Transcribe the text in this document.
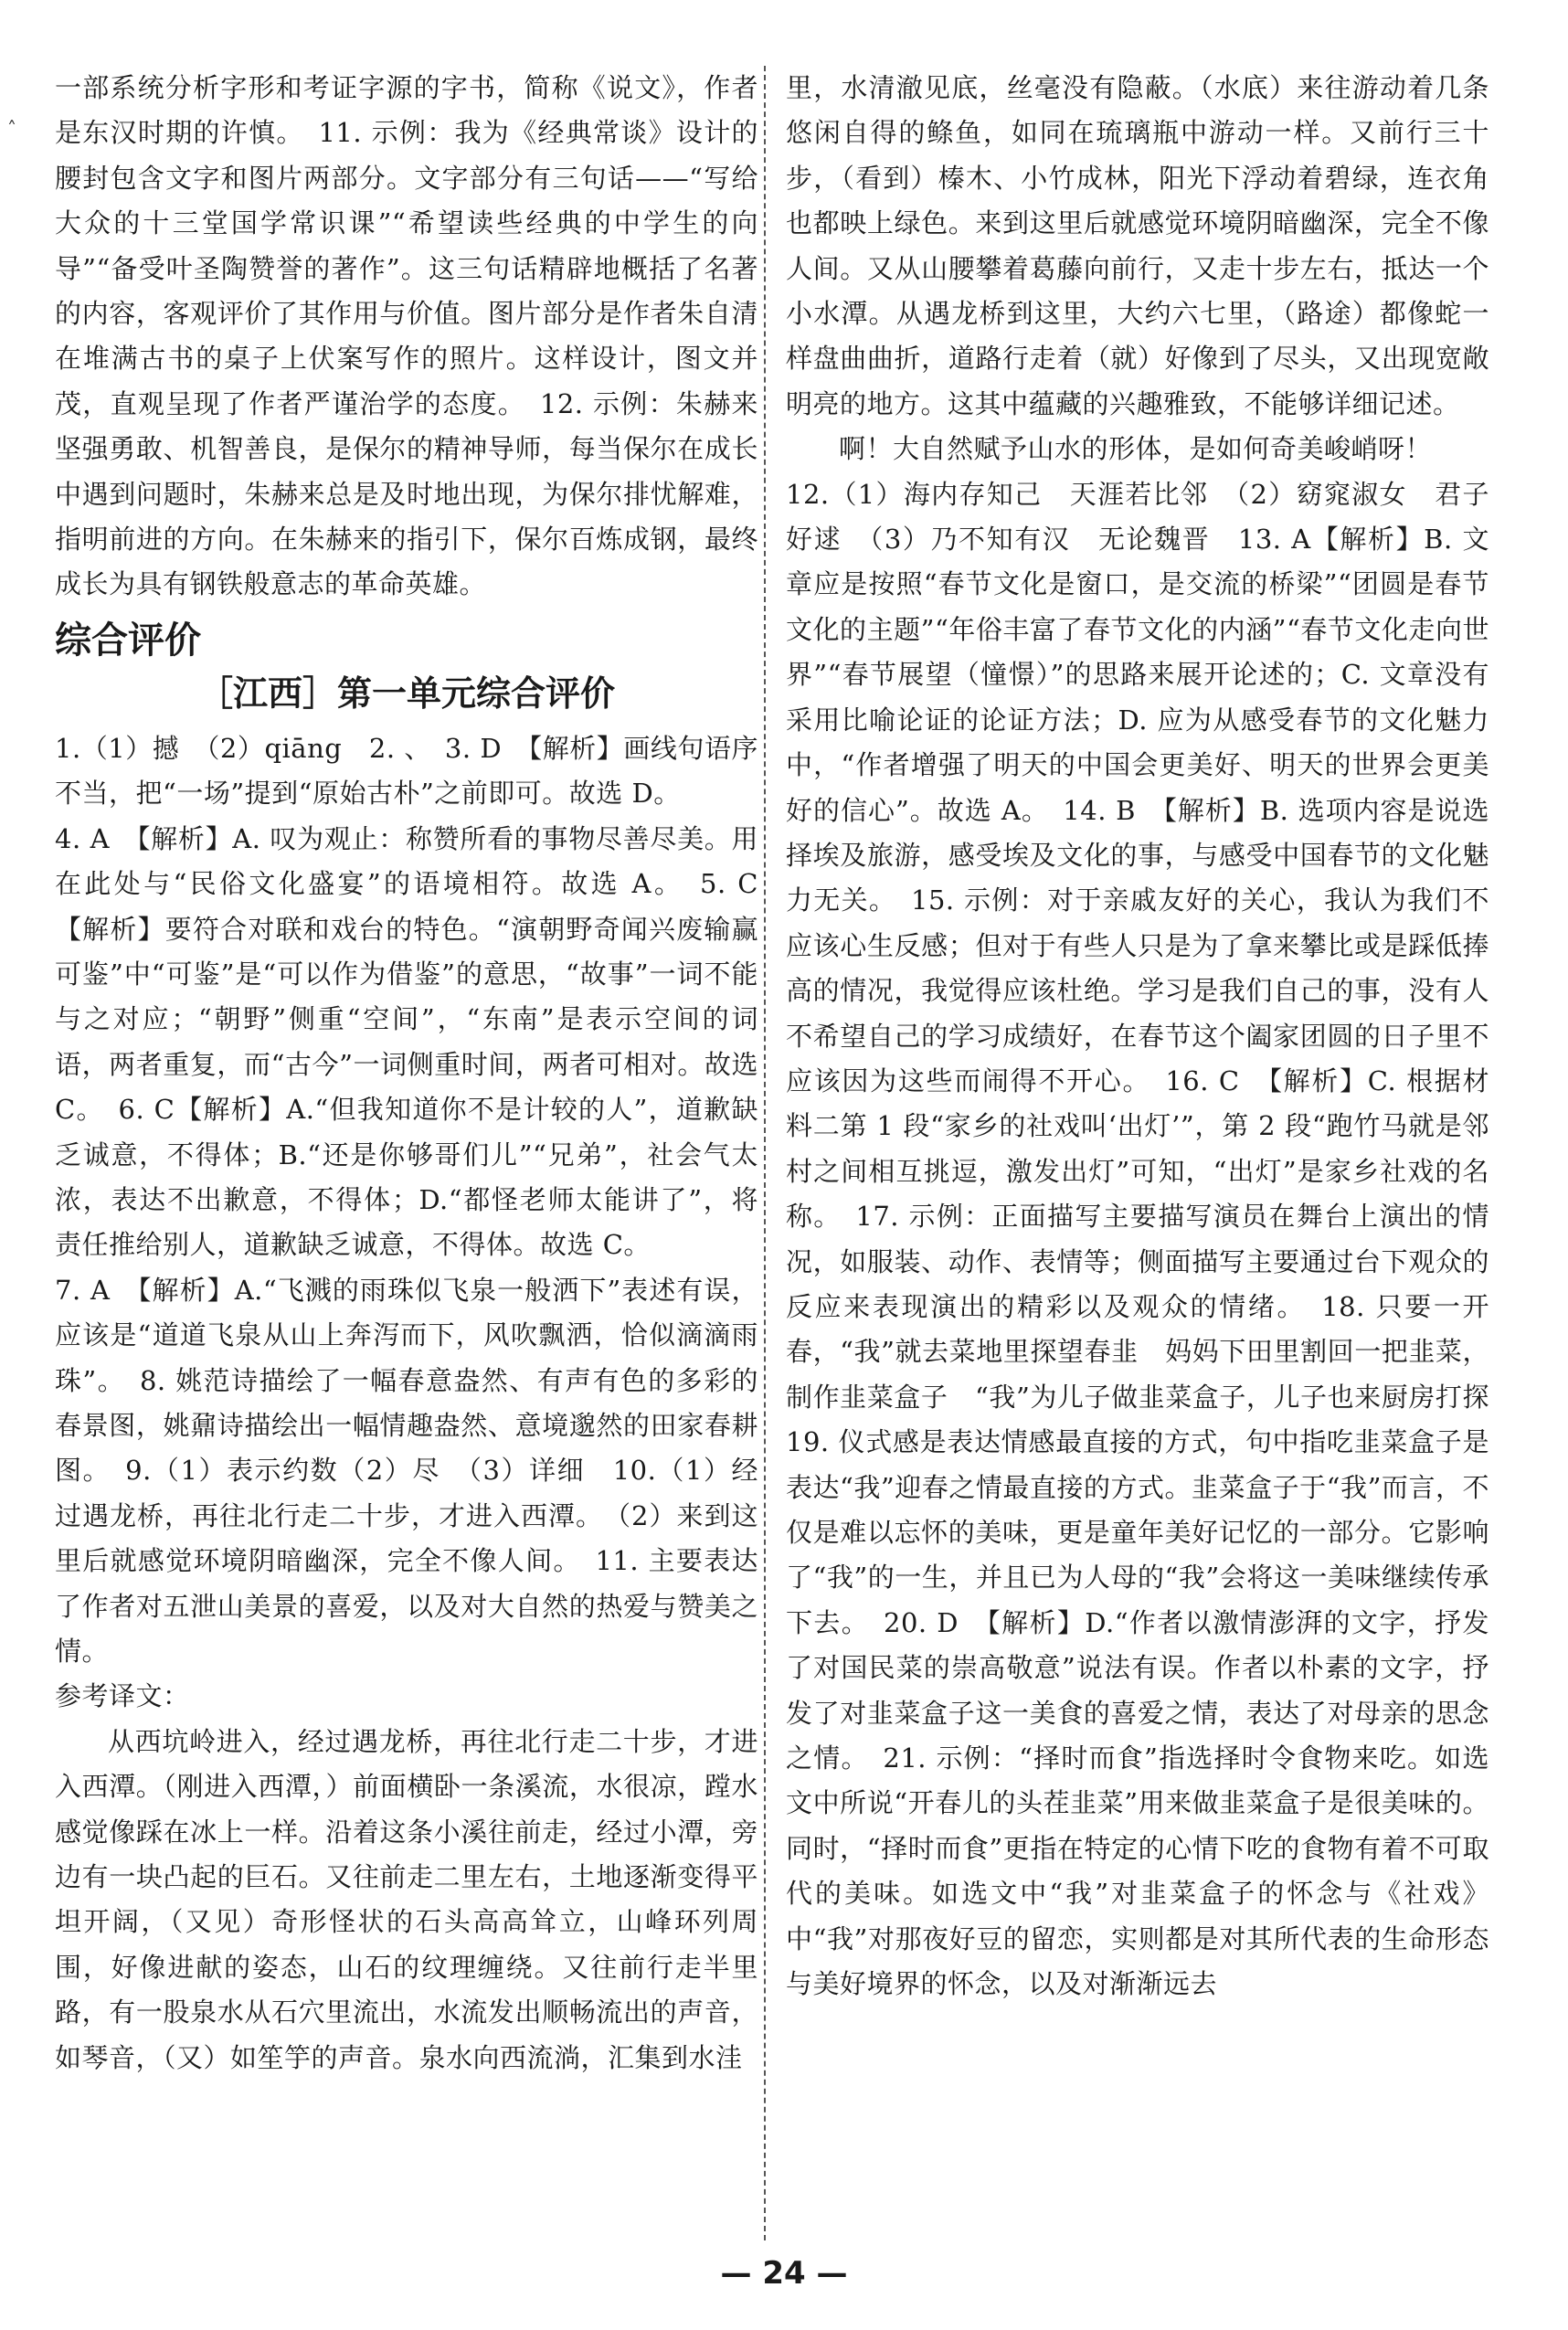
˄

一部系统分析字形和考证字源的字书，简称《说文》，作者是东汉时期的许慎。　11. 示例：我为《经典常谈》设计的腰封包含文字和图片两部分。文字部分有三句话——“写给大众的十三堂国学常识课”“希望读些经典的中学生的向导”“备受叶圣陶赞誉的著作”。这三句话精辟地概括了名著的内容，客观评价了其作用与价值。图片部分是作者朱自清在堆满古书的桌子上伏案写作的照片。这样设计，图文并茂，直观呈现了作者严谨治学的态度。　12. 示例：朱赫来坚强勇敢、机智善良，是保尔的精神导师，每当保尔在成长中遇到问题时，朱赫来总是及时地出现，为保尔排忧解难，指明前进的方向。在朱赫来的指引下，保尔百炼成钢，最终成长为具有钢铁般意志的革命英雄。

综合评价
［江西］第一单元综合评价

1.（1）撼　（2）qiāng　2. 、　3. D　【解析】画线句语序不当，把“一场”提到“原始古朴”之前即可。故选 D。

4. A　【解析】A. 叹为观止：称赞所看的事物尽善尽美。用在此处与“民俗文化盛宴”的语境相符。故选 A。　5. C　【解析】要符合对联和戏台的特色。“演朝野奇闻兴废输赢可鉴”中“可鉴”是“可以作为借鉴”的意思，“故事”一词不能与之对应；“朝野”侧重“空间”，“东南”是表示空间的词语，两者重复，而“古今”一词侧重时间，两者可相对。故选 C。　6. C【解析】A.“但我知道你不是计较的人”，道歉缺乏诚意，不得体；B.“还是你够哥们儿”“兄弟”，社会气太浓，表达不出歉意，不得体；D.“都怪老师太能讲了”，将责任推给别人，道歉缺乏诚意，不得体。故选 C。

7. A　【解析】A.“飞溅的雨珠似飞泉一般洒下”表述有误，应该是“道道飞泉从山上奔泻而下，风吹飘洒，恰似滴滴雨珠”。　8. 姚范诗描绘了一幅春意盎然、有声有色的多彩的春景图，姚鼐诗描绘出一幅情趣盎然、意境邈然的田家春耕图。　9.（1）表示约数（2）尽　（3）详细　10.（1）经过遇龙桥，再往北行走二十步，才进入西潭。　（2）来到这里后就感觉环境阴暗幽深，完全不像人间。　11. 主要表达了作者对五泄山美景的喜爱，以及对大自然的热爱与赞美之情。

参考译文：

从西坑岭进入，经过遇龙桥，再往北行走二十步，才进入西潭。（刚进入西潭，）前面横卧一条溪流，水很凉，蹚水感觉像踩在冰上一样。沿着这条小溪往前走，经过小潭，旁边有一块凸起的巨石。又往前走二里左右，土地逐渐变得平坦开阔，（又见）奇形怪状的石头高高耸立，山峰环列周围，好像进献的姿态，山石的纹理缠绕。又往前行走半里路，有一股泉水从石穴里流出，水流发出顺畅流出的声音，如琴音，（又）如笙竽的声音。泉水向西流淌，汇集到水洼

里，水清澈见底，丝毫没有隐蔽。（水底）来往游动着几条悠闲自得的鲦鱼，如同在琉璃瓶中游动一样。又前行三十步，（看到）榛木、小竹成林，阳光下浮动着碧绿，连衣角也都映上绿色。来到这里后就感觉环境阴暗幽深，完全不像人间。又从山腰攀着葛藤向前行，又走十步左右，抵达一个小水潭。从遇龙桥到这里，大约六七里，（路途）都像蛇一样盘曲曲折，道路行走着（就）好像到了尽头，又出现宽敞明亮的地方。这其中蕴藏的兴趣雅致，不能够详细记述。

啊！大自然赋予山水的形体，是如何奇美峻峭呀！

12.（1）海内存知己　天涯若比邻　（2）窈窕淑女　君子好逑　（3）乃不知有汉　无论魏晋　13. A【解析】B. 文章应是按照“春节文化是窗口，是交流的桥梁”“团圆是春节文化的主题”“年俗丰富了春节文化的内涵”“春节文化走向世界”“春节展望（憧憬）”的思路来展开论述的；C. 文章没有采用比喻论证的论证方法；D. 应为从感受春节的文化魅力中，“作者增强了明天的中国会更美好、明天的世界会更美好的信心”。故选 A。　14. B　【解析】B. 选项内容是说选择埃及旅游，感受埃及文化的事，与感受中国春节的文化魅力无关。　15. 示例：对于亲戚友好的关心，我认为我们不应该心生反感；但对于有些人只是为了拿来攀比或是踩低捧高的情况，我觉得应该杜绝。学习是我们自己的事，没有人不希望自己的学习成绩好，在春节这个阖家团圆的日子里不应该因为这些而闹得不开心。　16. C　【解析】C. 根据材料二第 1 段“家乡的社戏叫‘出灯’”，第 2 段“跑竹马就是邻村之间相互挑逗，激发出灯”可知，“出灯”是家乡社戏的名称。　17. 示例：正面描写主要描写演员在舞台上演出的情况，如服装、动作、表情等；侧面描写主要通过台下观众的反应来表现演出的精彩以及观众的情绪。　18. 只要一开春，“我”就去菜地里探望春韭　妈妈下田里割回一把韭菜，制作韭菜盒子　“我”为儿子做韭菜盒子，儿子也来厨房打探　19. 仪式感是表达情感最直接的方式，句中指吃韭菜盒子是表达“我”迎春之情最直接的方式。韭菜盒子于“我”而言，不仅是难以忘怀的美味，更是童年美好记忆的一部分。它影响了“我”的一生，并且已为人母的“我”会将这一美味继续传承下去。　20. D　【解析】D.“作者以激情澎湃的文字，抒发了对国民菜的崇高敬意”说法有误。作者以朴素的文字，抒发了对韭菜盒子这一美食的喜爱之情，表达了对母亲的思念之情。　21. 示例：“择时而食”指选择时令食物来吃。如选文中所说“开春儿的头茬韭菜”用来做韭菜盒子是很美味的。同时，“择时而食”更指在特定的心情下吃的食物有着不可取代的美味。如选文中“我”对韭菜盒子的怀念与《社戏》中“我”对那夜好豆的留恋，实则都是对其所代表的生命形态与美好境界的怀念，以及对渐渐远去

— 24 —
